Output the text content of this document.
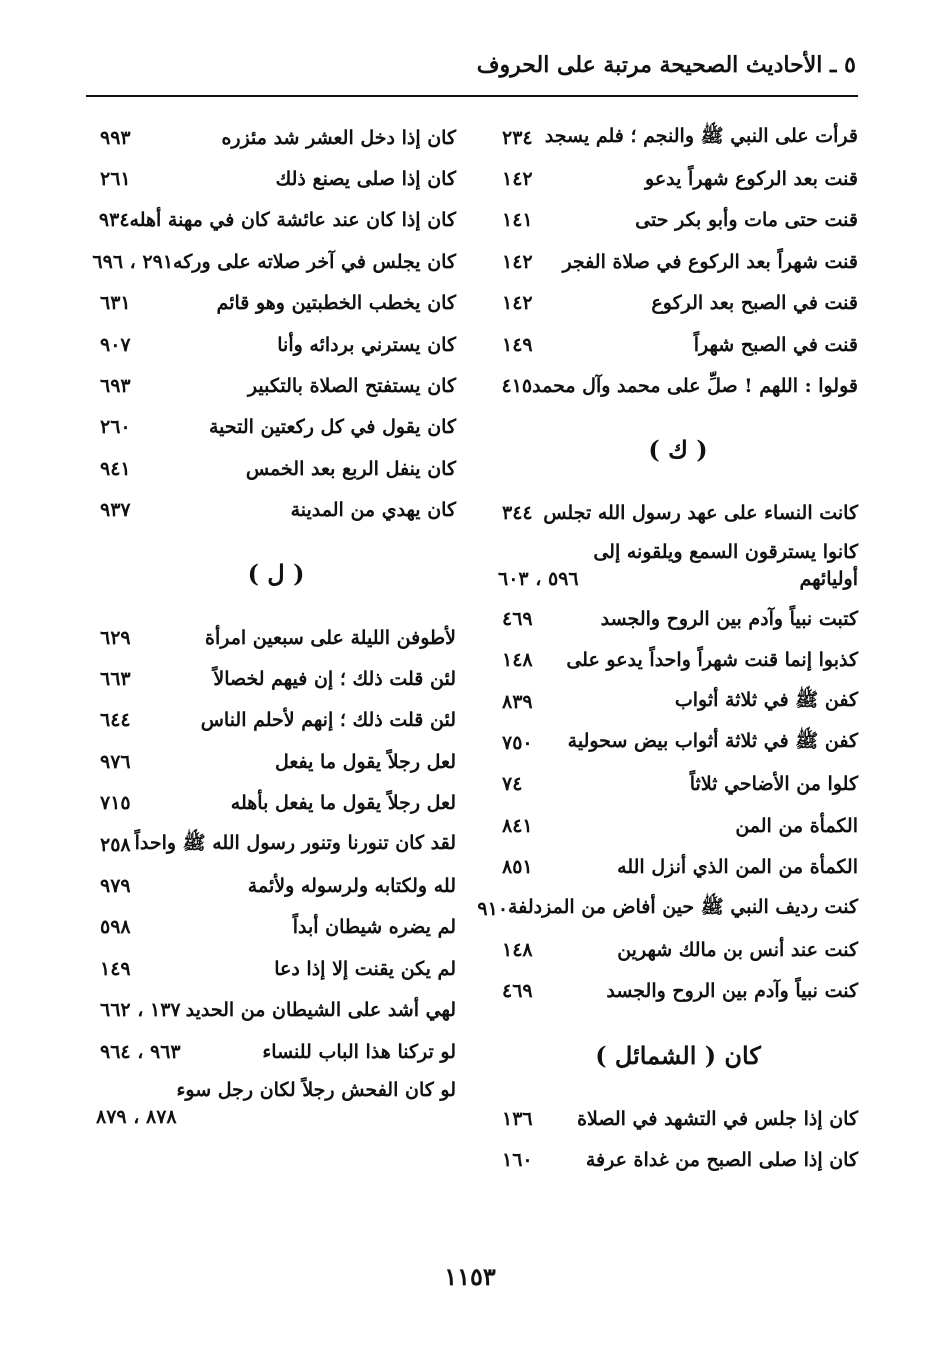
٥ ـ الأحاديث الصحيحة مرتبة على الحروف
قرأت على النبي ﷺ والنجم ؛ فلم يسجد
٢٣٤
قنت بعد الركوع شهراً يدعو
١٤٢
قنت حتى مات وأبو بكر حتى
١٤١
قنت شهراً بعد الركوع في صلاة الفجر
١٤٢
قنت في الصبح بعد الركوع
١٤٢
قنت في الصبح شهراً
١٤٩
قولوا : اللهم ! صلِّ على محمد وآل محمد
٤١٥
( ك )
كانت النساء على عهد رسول الله تجلس
٣٤٤
كانوا يسترقون السمع ويلقونه إلى
أوليائهم
٥٩٦ ، ٦٠٣
كتبت نبياً وآدم بين الروح والجسد
٤٦٩
كذبوا إنما قنت شهراً واحداً يدعو على
١٤٨
كفن ﷺ في ثلاثة أثواب
٨٣٩
كفن ﷺ في ثلاثة أثواب بيض سحولية
٧٥٠
كلوا من الأضاحي ثلاثاً
٧٤
الكمأة من المن
٨٤١
الكمأة من المن الذي أنزل الله
٨٥١
كنت رديف النبي ﷺ حين أفاض من المزدلفة
٩١٠
كنت عند أنس بن مالك شهرين
١٤٨
كنت نبياً وآدم بين الروح والجسد
٤٦٩
كان ( الشمائل )
كان إذا جلس في التشهد في الصلاة
١٣٦
كان إذا صلى الصبح من غداة عرفة
١٦٠
كان إذا دخل العشر شد مئزره
٩٩٣
كان إذا صلى يصنع ذلك
٢٦١
كان إذا كان عند عائشة كان في مهنة أهله
٩٣٤
كان يجلس في آخر صلاته على وركه
٢٩١ ، ٦٩٦
كان يخطب الخطبتين وهو قائم
٦٣١
كان يسترني بردائه وأنا
٩٠٧
كان يستفتح الصلاة بالتكبير
٦٩٣
كان يقول في كل ركعتين التحية
٢٦٠
كان ينفل الربع بعد الخمس
٩٤١
كان يهدي من المدينة
٩٣٧
( ل )
لأطوفن الليلة على سبعين امرأة
٦٢٩
لئن قلت ذلك ؛ إن فيهم لخصالاً
٦٦٣
لئن قلت ذلك ؛ إنهم لأحلم الناس
٦٤٤
لعل رجلاً يقول ما يفعل
٩٧٦
لعل رجلاً يقول ما يفعل بأهله
٧١٥
لقد كان تنورنا وتنور رسول الله ﷺ واحداً
٢٥٨
لله ولكتابه ولرسوله ولأئمة
٩٧٩
لم يضره شيطان أبداً
٥٩٨
لم يكن يقنت إلا إذا دعا
١٤٩
لهي أشد على الشيطان من الحديد
١٣٧ ، ٦٦٢
لو تركنا هذا الباب للنساء
٩٦٣ ، ٩٦٤
لو كان الفحش رجلاً لكان رجل سوء
٨٧٨ ، ٨٧٩
١١٥٣
